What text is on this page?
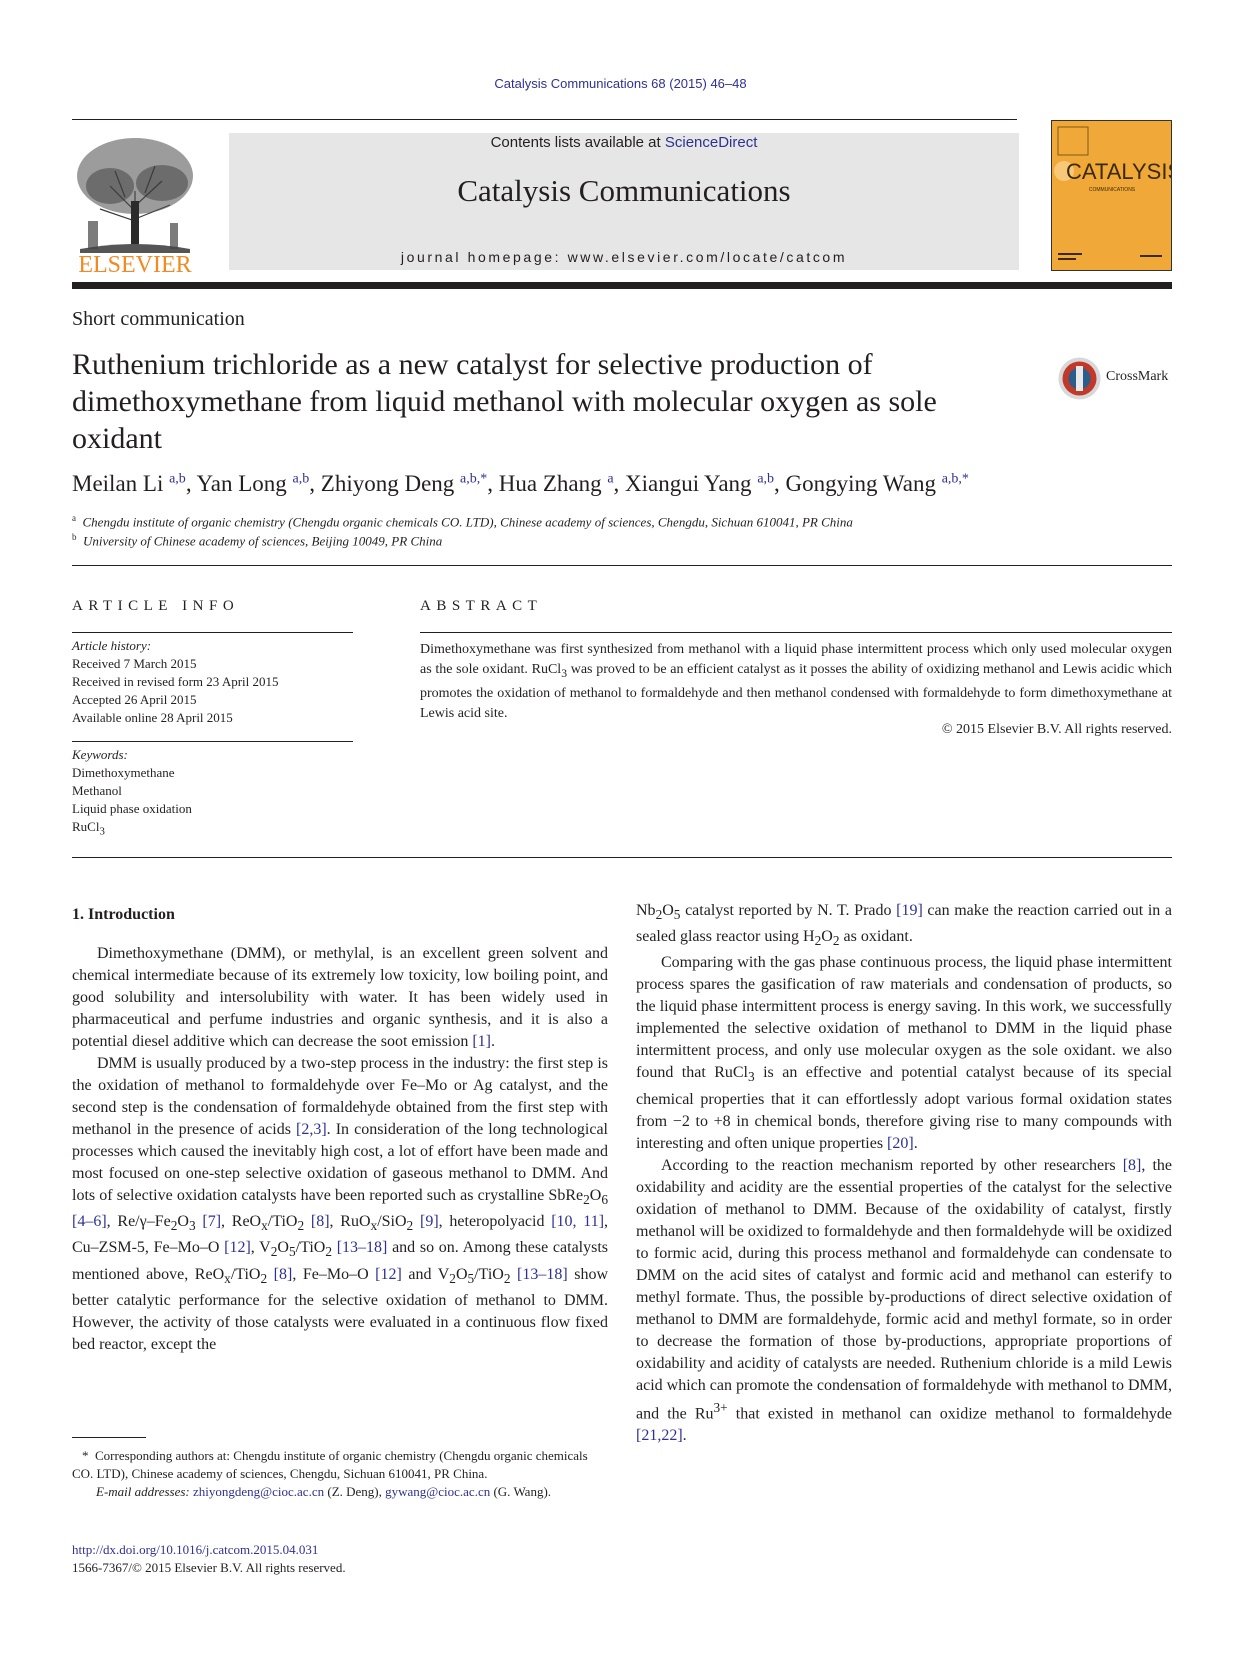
Catalysis Communications 68 (2015) 46–48
ELSEVIER
Contents lists available at ScienceDirect
Catalysis Communications
journal homepage: www.elsevier.com/locate/catcom
CATALYSIS
COMMUNICATIONS
Short communication
Ruthenium trichloride as a new catalyst for selective production of dimethoxymethane from liquid methanol with molecular oxygen as sole oxidant
CrossMark
Meilan Li $^{a,b}$, Yan Long $^{a,b}$, Zhiyong Deng $^{a,b,*}$, Hua Zhang $^a$, Xiangui Yang $^{a,b}$, Gongying Wang $^{a,b,*}$
$^a$ Chengdu institute of organic chemistry (Chengdu organic chemicals CO. LTD), Chinese academy of sciences, Chengdu, Sichuan 610041, PR China
$^b$ University of Chinese academy of sciences, Beijing 10049, PR China
ARTICLE INFO
Article history:
Received 7 March 2015
Received in revised form 23 April 2015
Accepted 26 April 2015
Available online 28 April 2015
Keywords:
Dimethoxymethane
Methanol
Liquid phase oxidation
RuCl$_3$
ABSTRACT
Dimethoxymethane was first synthesized from methanol with a liquid phase intermittent process which only used molecular oxygen as the sole oxidant. RuCl$_3$ was proved to be an efficient catalyst as it posses the ability of oxidizing methanol and Lewis acidic which promotes the oxidation of methanol to formaldehyde and then methanol condensed with formaldehyde to form dimethoxymethane at Lewis acid site.
© 2015 Elsevier B.V. All rights reserved.
1. Introduction

Dimethoxymethane (DMM), or methylal, is an excellent green solvent and chemical intermediate because of its extremely low toxicity, low boiling point, and good solubility and intersolubility with water. It has been widely used in pharmaceutical and perfume industries and organic synthesis, and it is also a potential diesel additive which can decrease the soot emission [1].

DMM is usually produced by a two-step process in the industry: the first step is the oxidation of methanol to formaldehyde over Fe–Mo or Ag catalyst, and the second step is the condensation of formaldehyde obtained from the first step with methanol in the presence of acids [2,3]. In consideration of the long technological processes which caused the inevitably high cost, a lot of effort have been made and most focused on one-step selective oxidation of gaseous methanol to DMM. And lots of selective oxidation catalysts have been reported such as crystalline $SbRe_2O_6$ [4–6], $Re/\gamma-Fe_2O_3$ [7], ReO$_x$/TiO$_2$ [8], RuO$_x$/SiO$_2$ [9], heteropolyacid [10, 11], Cu–ZSM-5, Fe–Mo–O [12], $V_2O_5/TiO_2$ [13–18] and so on. Among these catalysts mentioned above, ReO$_x$/TiO$_2$ [8], Fe–Mo–O [12] and $V_2O_5/TiO_2$ [13–18] show better catalytic performance for the selective oxidation of methanol to DMM. However, the activity of those catalysts were evaluated in a continuous flow fixed bed reactor, except the

*  Corresponding authors at: Chengdu institute of organic chemistry (Chengdu organic chemicals CO. LTD), Chinese academy of sciences, Chengdu, Sichuan 610041, PR China.

E-mail addresses: zhiyongdeng@cioc.ac.cn (Z. Deng), gywang@cioc.ac.cn (G. Wang).

http://dx.doi.org/10.1016/j.catcom.2015.04.031
1566-7367/© 2015 Elsevier B.V. All rights reserved.

$Nb_2O_5$ catalyst reported by N. T. Prado [19] can make the reaction carried out in a sealed glass reactor using $H_2O_2$ as oxidant.

Comparing with the gas phase continuous process, the liquid phase intermittent process spares the gasification of raw materials and condensation of products, so the liquid phase intermittent process is energy saving. In this work, we successfully implemented the selective oxidation of methanol to DMM in the liquid phase intermittent process, and only use molecular oxygen as the sole oxidant. we also found that RuCl$_3$ is an effective and potential catalyst because of its special chemical properties that it can effortlessly adopt various formal oxidation states from −2 to +8 in chemical bonds, therefore giving rise to many compounds with interesting and often unique properties [20].

According to the reaction mechanism reported by other researchers [8], the oxidability and acidity are the essential properties of the catalyst for the selective oxidation of methanol to DMM. Because of the oxidability of catalyst, firstly methanol will be oxidized to formaldehyde and then formaldehyde will be oxidized to formic acid, during this process methanol and formaldehyde can condensate to DMM on the acid sites of catalyst and formic acid and methanol can esterify to methyl formate. Thus, the possible by-productions of direct selective oxidation of methanol to DMM are formaldehyde, formic acid and methyl formate, so in order to decrease the formation of those by-productions, appropriate proportions of oxidability and acidity of catalysts are needed. Ruthenium chloride is a mild Lewis acid which can promote the condensation of formaldehyde with methanol to DMM, and the $Ru^{3+}$ that existed in methanol can oxidize methanol to formaldehyde [21,22].
